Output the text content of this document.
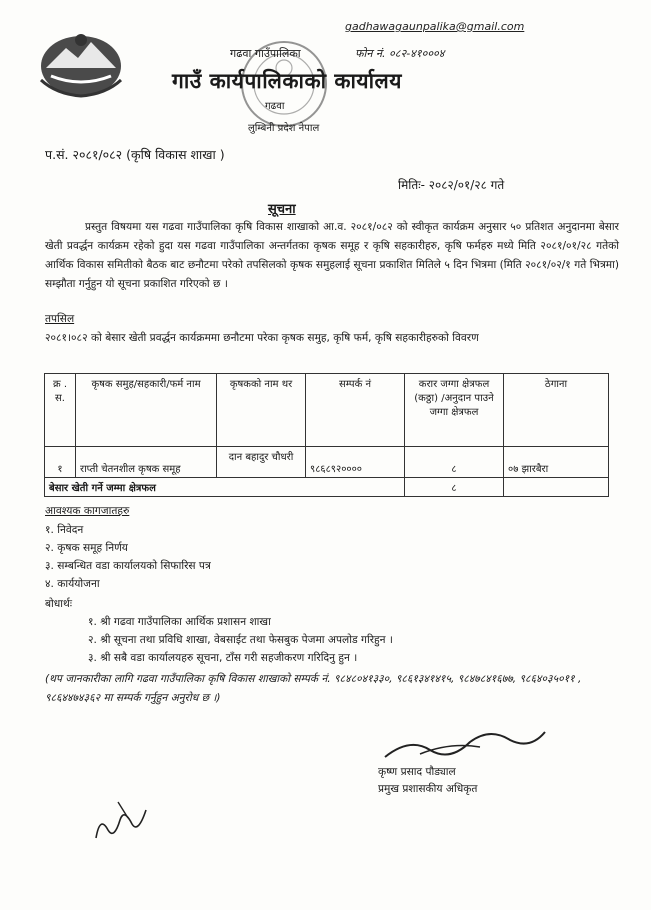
gadhawagaunpalika@gmail.com
गढवा गाउँपालिका	फोन नं. ०८२-४१०००४
गाउँ कार्यपालिकाको कार्यालय
गढवा
लुम्बिनी प्रदेश नेपाल
प.सं. २०८१/०८२ (कृषि विकास शाखा )
मितिः- २०८२/०१/२८ गते
सूचना
प्रस्तुत विषयमा यस गढवा गाउँपालिका कृषि विकास शाखाको आ.व. २०८१/०८२ को स्वीकृत कार्यक्रम अनुसार ५० प्रतिशत अनुदानमा बेसार खेती प्रवर्द्धन कार्यक्रम रहेको हुदा यस गढवा गाउँपालिका अन्तर्गतका कृषक समूह र कृषि सहकारीहरु, कृषि फर्महरु मध्ये मिति २०८१/०१/२८ गतेको आर्थिक विकास समितीको बैठक बाट छनौटमा परेको तपसिलको कृषक समुहलाई सूचना प्रकाशित मितिले ५ दिन भित्रमा (मिति २०८१/०२/१ गते भित्रमा) सम्झौता गर्नुहुन यो सूचना प्रकाशित गरिएको छ ।
तपसिल
२०८१।०८२ को बेसार खेती प्रवर्द्धन कार्यक्रममा छनौटमा परेका कृषक समुह, कृषि फर्म, कृषि सहकारीहरुको विवरण
क्र . स.	कृषक समुह/सहकारी/फर्म नाम	कृषकको नाम थर	सम्पर्क नं	करार जग्गा क्षेत्रफल (कठ्ठा) /अनुदान पाउने जग्गा क्षेत्रफल	ठेगाना
१	राप्ती चेतनशील कृषक समूह	दान बहादुर चौधरी	९८६८९२००००	८	०७ झारबैरा
बेसार खेती गर्ने जम्मा क्षेत्रफल				८	
आवश्यक कागजातहरु
१. निवेदन
२. कृषक समूह निर्णय
३. सम्बन्धित वडा कार्यालयको सिफारिस पत्र
४. कार्ययोजना
बोधार्थः
१. श्री गढवा गाउँपालिका आर्थिक प्रशासन शाखा
२. श्री सूचना तथा प्रविधि शाखा, वेबसाईट तथा फेसबुक पेजमा अपलोड गरिहुन ।
३. श्री सबै वडा कार्यालयहरु सूचना, टाँस गरी सहजीकरण गरिदिनु हुन ।
(थप जानकारीका लागि गढवा गाउँपालिका कृषि विकास शाखाको सम्पर्क नं. ९८४८०४१३३०, ९८६१३४१४१५, ९८४७८४१६७७, ९८६४०३५०११ , ९८६४४७४३६२ मा सम्पर्क गर्नुहुन अनुरोध छ ।)
कृष्ण प्रसाद पौड्याल
प्रमुख प्रशासकीय अधिकृत
